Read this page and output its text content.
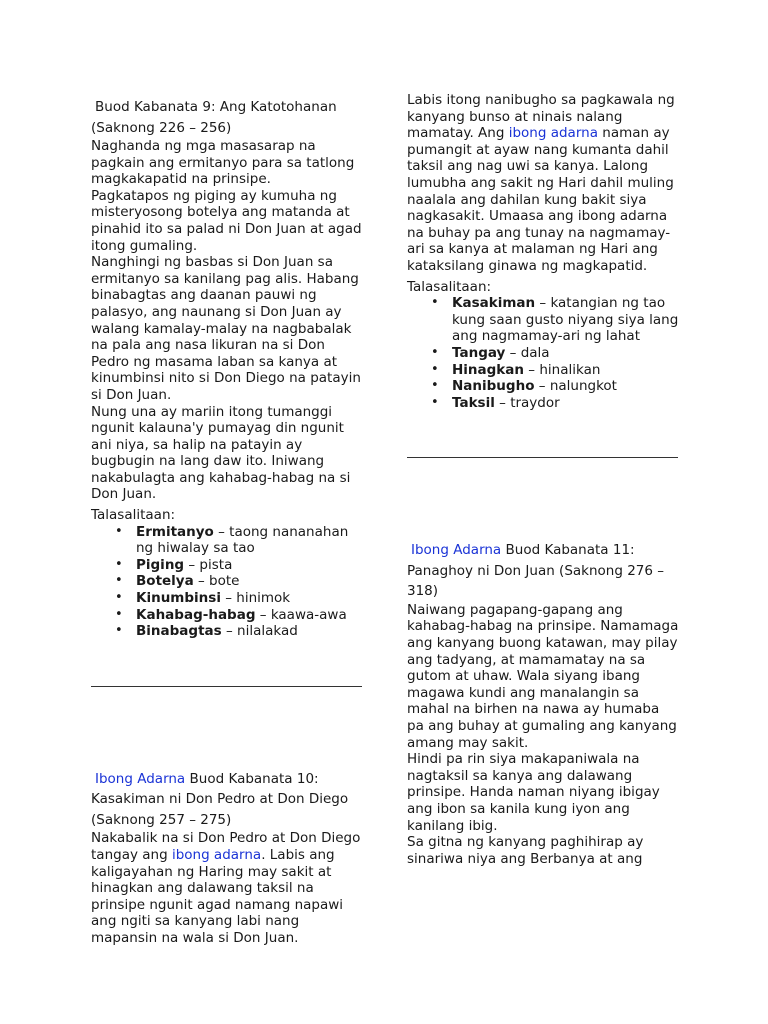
Buod Kabanata 9: Ang Katotohanan
(Saknong 226 – 256)

Naghanda ng mga masasarap na pagkain ang ermitanyo para sa tatlong magkakapatid na prinsipe.

Pagkatapos ng piging ay kumuha ng misteryosong botelya ang matanda at pinahid ito sa palad ni Don Juan at agad itong gumaling.

Nanghingi ng basbas si Don Juan sa ermitanyo sa kanilang pag alis. Habang binabagtas ang daanan pauwi ng palasyo, ang naunang si Don Juan ay walang kamalay-malay na nagbabalak na pala ang nasa likuran na si Don Pedro ng masama laban sa kanya at kinumbinsi nito si Don Diego na patayin si Don Juan.

Nung una ay mariin itong tumanggi ngunit kalauna'y pumayag din ngunit ani niya, sa halip na patayin ay bugbugin na lang daw ito. Iniwang nakabulagta ang kahabag-habag na si Don Juan.

Talasalitaan:

• Ermitanyo – taong nananahan ng hiwalay sa tao
• Piging – pista
• Botelya – bote
• Kinumbinsi – hinimok
• Kahabag-habag – kaawa-awa
• Binabagtas – nilalakad
Ibong Adarna Buod Kabanata 10:
Kasakiman ni Don Pedro at Don Diego
(Saknong 257 – 275)

Nakabalik na si Don Pedro at Don Diego tangay ang ibong adarna. Labis ang kaligayahan ng Haring may sakit at hinagkan ang dalawang taksil na prinsipe ngunit agad namang napawi ang ngiti sa kanyang labi nang mapansin na wala si Don Juan.

Labis itong nanibugho sa pagkawala ng kanyang bunso at ninais nalang mamatay. Ang ibong adarna naman ay pumangit at ayaw nang kumanta dahil taksil ang nag uwi sa kanya. Lalong lumubha ang sakit ng Hari dahil muling naalala ang dahilan kung bakit siya nagkasakit. Umaasa ang ibong adarna na buhay pa ang tunay na nagmamay-ari sa kanya at malaman ng Hari ang kataksilang ginawa ng magkapatid.

Talasalitaan:

• Kasakiman – katangian ng tao kung saan gusto niyang siya lang ang nagmamay-ari ng lahat
• Tangay – dala
• Hinagkan – hinalikan
• Nanibugho – nalungkot
• Taksil – traydor
Ibong Adarna Buod Kabanata 11:
Panaghoy ni Don Juan (Saknong 276 –
318)

Naiwang pagapang-gapang ang kahabag-habag na prinsipe. Namamaga ang kanyang buong katawan, may pilay ang tadyang, at mamamatay na sa gutom at uhaw. Wala siyang ibang magawa kundi ang manalangin sa mahal na birhen na nawa ay humaba pa ang buhay at gumaling ang kanyang amang may sakit.

Hindi pa rin siya makapaniwala na nagtaksil sa kanya ang dalawang prinsipe. Handa naman niyang ibigay ang ibon sa kanila kung iyon ang kanilang ibig.

Sa gitna ng kanyang paghihirap ay sinariwa niya ang Berbanya at ang
